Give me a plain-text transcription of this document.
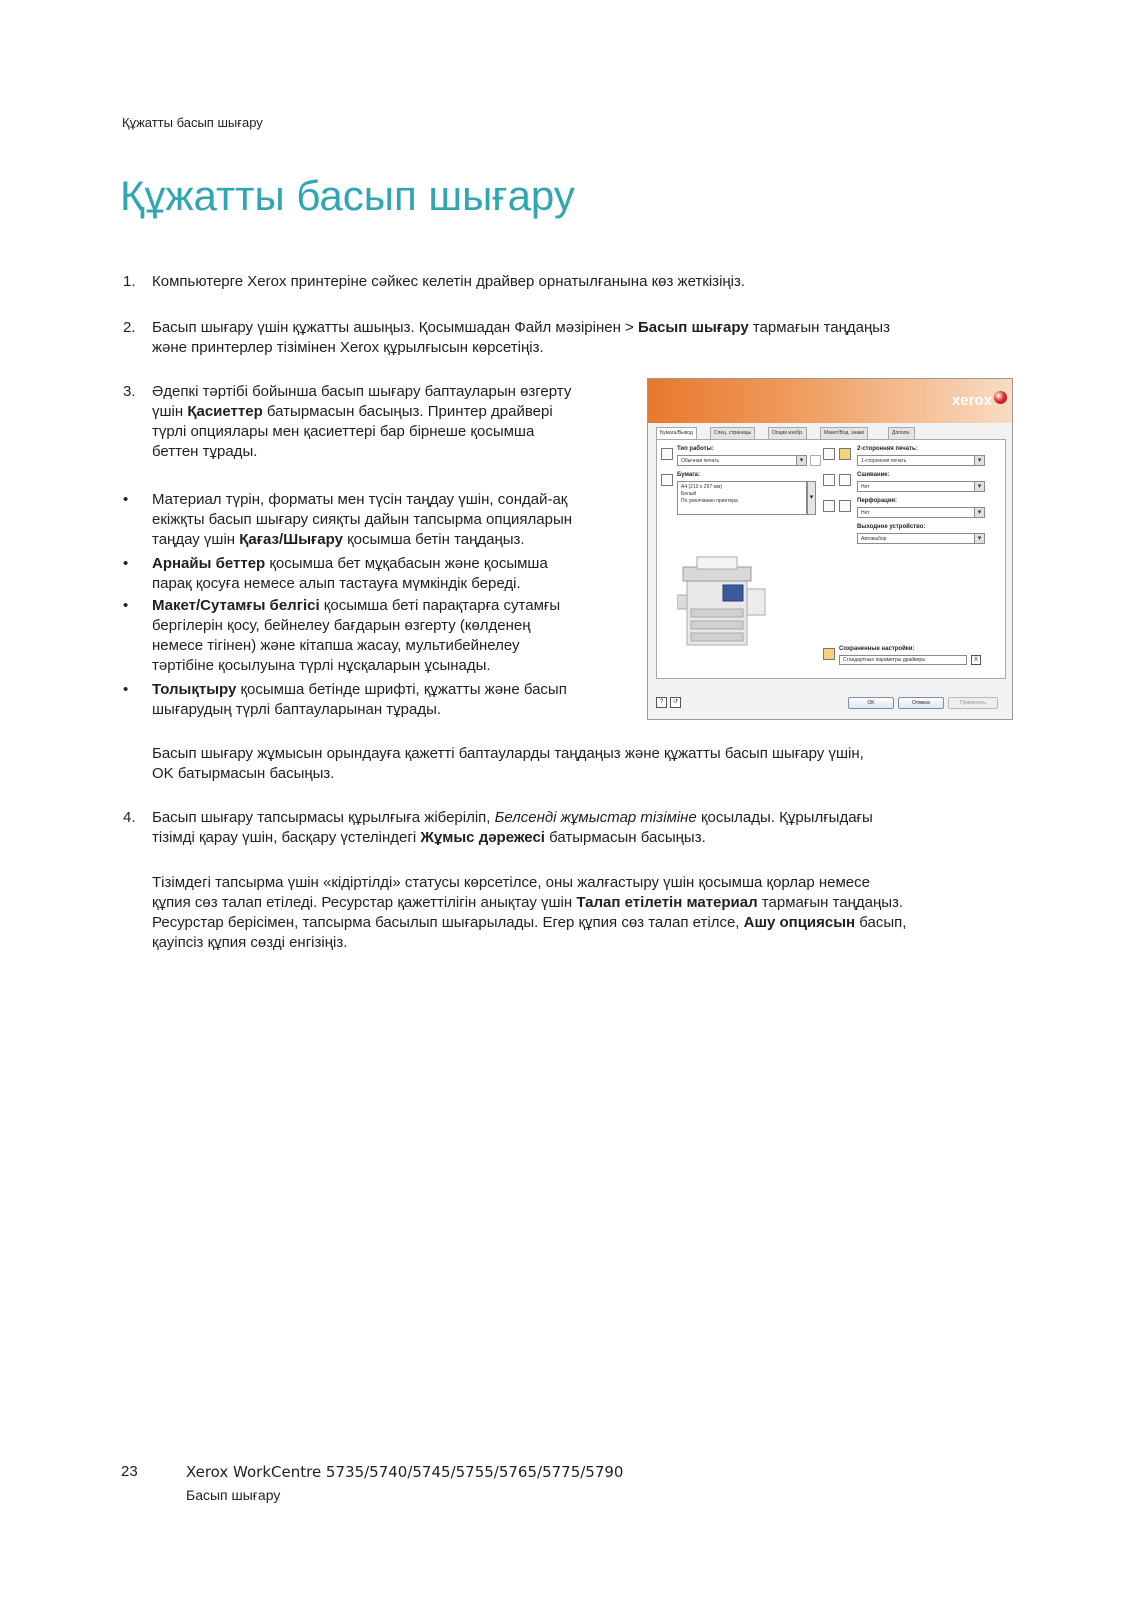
Құжатты басып шығару
Құжатты басып шығару
1. Компьютерге Xerox принтеріне сәйкес келетін драйвер орнатылғанына көз жеткізіңіз.
2. Басып шығару үшін құжатты ашыңыз. Қосымшадан Файл мәзірінен > Басып шығару тармағын таңдаңыз
және принтерлер тізімінен Xerox құрылғысын көрсетіңіз.
3. Әдепкі тәртібі бойынша басып шығару баптауларын өзгерту
үшін Қасиеттер батырмасын басыңыз. Принтер драйвері
түрлі опциялары мен қасиеттері бар бірнеше қосымша
беттен тұрады.
• Материал түрін, форматы мен түсін таңдау үшін, сондай-ақ
екіжқты басып шығару сияқты дайын тапсырма опцияларын
таңдау үшін Қағаз/Шығару қосымша бетін таңдаңыз.
• Арнайы беттер қосымша бет мұқабасын және қосымша
парақ қосуға немесе алып тастауға мүмкіндік береді.
• Макет/Сутамғы белгісі қосымша беті парақтарға сутамғы
бергілерін қосу, бейнелеу бағдарын өзгерту (көлденең
немесе тігінен) және кітапша жасау, мультибейнелеу
тәртібіне қосылуына түрлі нұсқаларын ұсынады.
• Толықтыру қосымша бетінде шрифті, құжатты және басып
шығарудың түрлі баптауларынан тұрады.
Басып шығару жұмысын орындауға қажетті баптауларды таңдаңыз және құжатты басып шығару үшін,
OK батырмасын басыңыз.
4. Басып шығару тапсырмасы құрылғыға жіберіліп, Белсенді жұмыстар тізіміне қосылады. Құрылғыдағы
тізімді қарау үшін, басқару үстеліндегі Жұмыс дәрежесі батырмасын басыңыз.
Тізімдегі тапсырма үшін «кідіртілді» статусы көрсетілсе, оны жалғастыру үшін қосымша қорлар немесе
құпия сөз талап етіледі. Ресурстар қажеттілігін анықтау үшін Талап етілетін материал тармағын таңдаңыз.
Ресурстар берісімен, тапсырма басылып шығарылады. Егер құпия сөз талап етілсе, Ашу опциясын басып,
қауіпсіз құпия сөзді енгізіңіз.
xerox
Бумага/Вывод	Спец. страницы	Опции изобр.	Макет/Вод. знаки	Дополн.
Тип работы:
Обычная печать ▾
Бумага:
A4 (210 x 297 мм)
Белый
По умолчанию принтера	▾
2-сторонняя печать:
1-сторонняя печать ▾
Сшивание:
Нет ▾
Перфорация:
Нет ▾
Выходное устройство:
Автовыбор ▾
Сохраненные настройки:
Стандартные параметры драйвера	X
?	↺	OK	Отмена	Применить
23	Xerox WorkCentre 5735/5740/5745/5755/5765/5775/5790
Басып шығару
